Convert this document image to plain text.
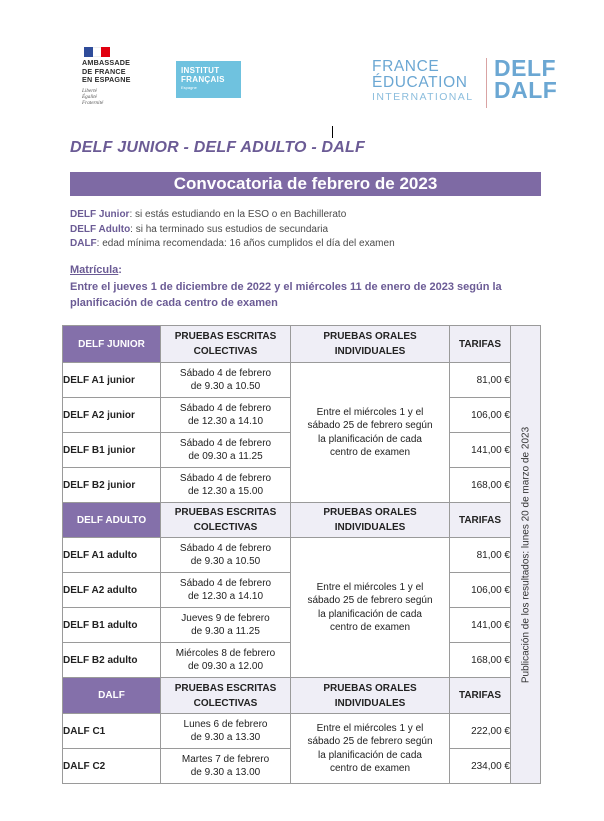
AMBASSADE
DE FRANCE
EN ESPAGNE
Liberté
Égalité
Fraternité
INSTITUT
FRANÇAIS
Espagne
FRANCE
ÉDUCATION
INTERNATIONAL
DELF
DALF
DELF JUNIOR - DELF ADULTO - DALF
Convocatoria de febrero de 2023
DELF Junior: si estás estudiando en la ESO o en Bachillerato
DELF Adulto: si ha terminado sus estudios de secundaria
DALF: edad mínima recomendada: 16 años cumplidos el día del examen
Matrícula:
Entre el jueves 1 de diciembre de 2022 y el miércoles 11 de enero de 2023 según la planificación de cada centro de examen
DELF JUNIOR	PRUEBAS ESCRITAS COLECTIVAS	PRUEBAS ORALES INDIVIDUALES	TARIFAS	Publicación de los resultados: lunes 20 de marzo de 2023

DELF A1 junior	Sábado 4 de febrero
de 9.30 a 10.50	Entre el miércoles 1 y el sábado 25 de febrero según la planificación de cada centro de examen	81,00 €	
DELF A2 junior	Sábado 4 de febrero
de 12.30 a 14.10		106,00 €	
DELF B1 junior	Sábado 4 de febrero
de 09.30 a 11.25		141,00 €	
DELF B2 junior	Sábado 4 de febrero
de 12.30 a 15.00		168,00 €	
DELF ADULTO	PRUEBAS ESCRITAS COLECTIVAS	PRUEBAS ORALES INDIVIDUALES	TARIFAS	
DELF A1 adulto	Sábado 4 de febrero
de 9.30 a 10.50	Entre el miércoles 1 y el sábado 25 de febrero según la planificación de cada centro de examen	81,00 €	
DELF A2 adulto	Sábado 4 de febrero
de 12.30 a 14.10		106,00 €	
DELF B1 adulto	Jueves 9 de febrero
de 9.30 a 11.25		141,00 €	
DELF B2 adulto	Miércoles 8 de febrero
de 09.30 a 12.00		168,00 €	
DALF	PRUEBAS ESCRITAS COLECTIVAS	PRUEBAS ORALES INDIVIDUALES	TARIFAS	
DALF C1	Lunes 6 de febrero
de 9.30 a 13.30	Entre el miércoles 1 y el sábado 25 de febrero según la planificación de cada centro de examen	222,00 €	
DALF C2	Martes 7 de febrero
de 9.30 a 13.00		234,00 €	
